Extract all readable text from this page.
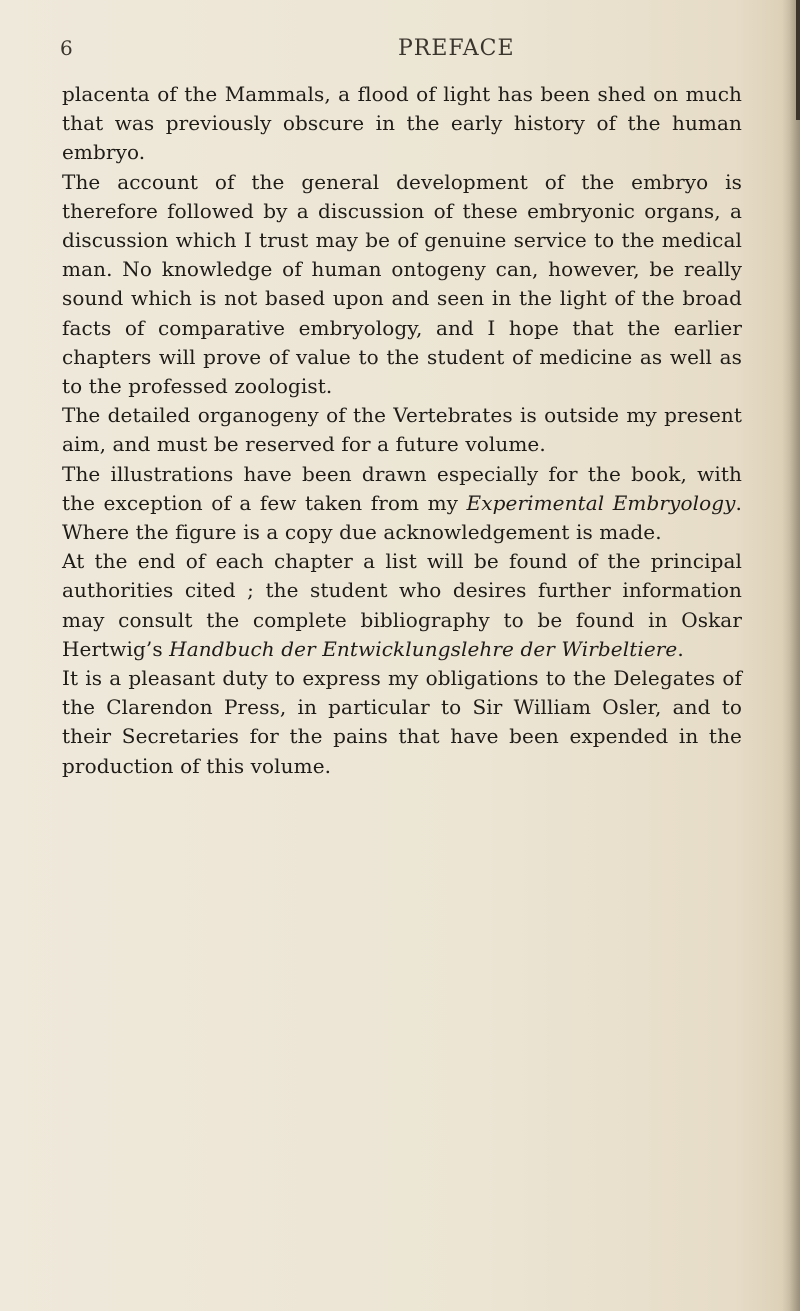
6	PREFACE

placenta of the Mammals, a flood of light has been shed on much that was previously obscure in the early history of the human embryo.

The account of the general development of the embryo is therefore followed by a discussion of these embryonic organs, a discussion which I trust may be of genuine service to the medical man. No knowledge of human ontogeny can, however, be really sound which is not based upon and seen in the light of the broad facts of comparative embryology, and I hope that the earlier chapters will prove of value to the student of medicine as well as to the professed zoologist.

The detailed organogeny of the Vertebrates is outside my present aim, and must be reserved for a future volume.

The illustrations have been drawn especially for the book, with the exception of a few taken from my Experimental Embryology. Where the figure is a copy due acknowledgement is made.

At the end of each chapter a list will be found of the principal authorities cited ; the student who desires further information may consult the complete bibliography to be found in Oskar Hertwig’s Handbuch der Entwicklungslehre der Wirbeltiere.

It is a pleasant duty to express my obligations to the Delegates of the Clarendon Press, in particular to Sir William Osler, and to their Secretaries for the pains that have been expended in the production of this volume.
